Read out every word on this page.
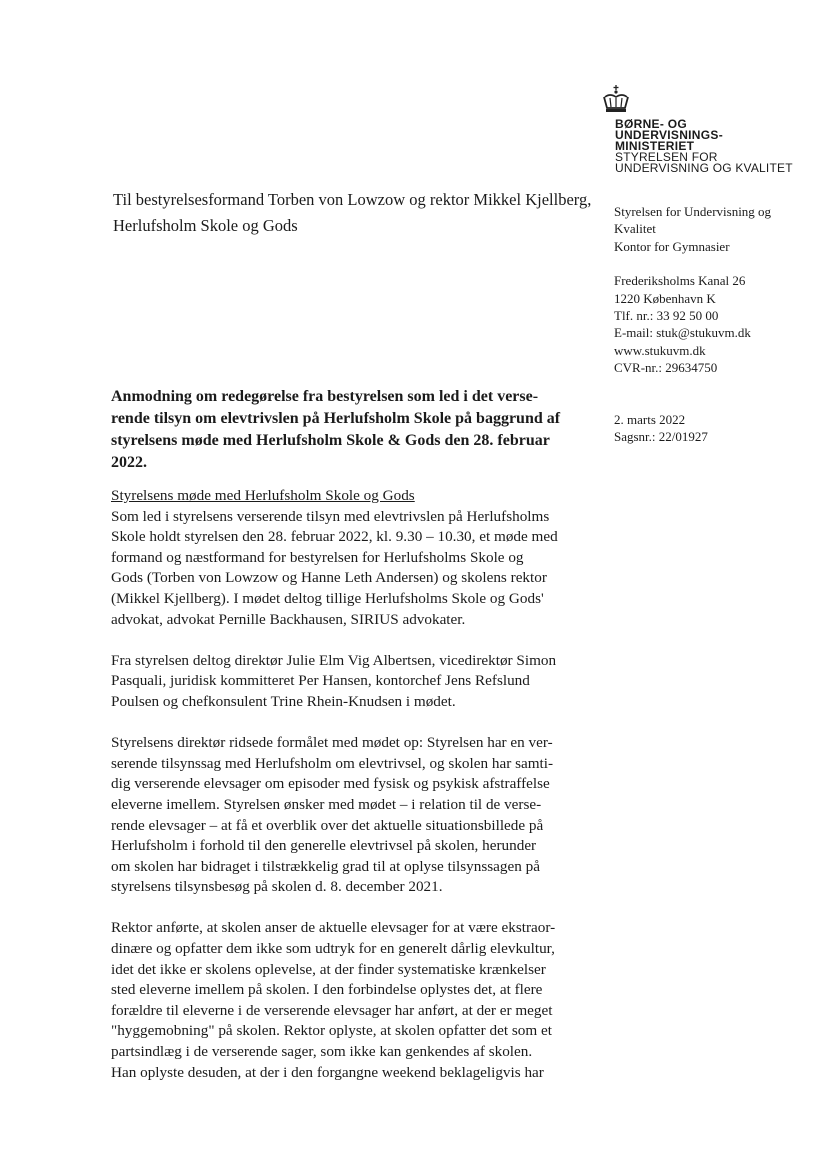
BØRNE- OG
UNDERVISNINGS-
MINISTERIET
STYRELSEN FOR
UNDERVISNING OG KVALITET
Til bestyrelsesformand Torben von Lowzow og rektor Mikkel Kjellberg,
Herlufsholm Skole og Gods
Styrelsen for Undervisning og
Kvalitet
Kontor for Gymnasier
Frederiksholms Kanal 26
1220 København K
Tlf. nr.: 33 92 50 00
E-mail: stuk@stukuvm.dk
www.stukuvm.dk
CVR-nr.: 29634750
2. marts 2022
Sagsnr.: 22/01927
Anmodning om redegørelse fra bestyrelsen som led i det verse-
rende tilsyn om elevtrivslen på Herlufsholm Skole på baggrund af
styrelsens møde med Herlufsholm Skole & Gods den 28. februar
2022.

Styrelsens møde med Herlufsholm Skole og Gods
Som led i styrelsens verserende tilsyn med elevtrivslen på Herlufsholms
Skole holdt styrelsen den 28. februar 2022, kl. 9.30 – 10.30, et møde med
formand og næstformand for bestyrelsen for Herlufsholms Skole og
Gods (Torben von Lowzow og Hanne Leth Andersen) og skolens rektor
(Mikkel Kjellberg). I mødet deltog tillige Herlufsholms Skole og Gods'
advokat, advokat Pernille Backhausen, SIRIUS advokater.

Fra styrelsen deltog direktør Julie Elm Vig Albertsen, vicedirektør Simon
Pasquali, juridisk kommitteret Per Hansen, kontorchef Jens Refslund
Poulsen og chefkonsulent Trine Rhein-Knudsen i mødet.

Styrelsens direktør ridsede formålet med mødet op: Styrelsen har en ver-
serende tilsynssag med Herlufsholm om elevtrivsel, og skolen har samti-
dig verserende elevsager om episoder med fysisk og psykisk afstraffelse
eleverne imellem. Styrelsen ønsker med mødet – i relation til de verse-
rende elevsager – at få et overblik over det aktuelle situationsbillede på
Herlufsholm i forhold til den generelle elevtrivsel på skolen, herunder
om skolen har bidraget i tilstrækkelig grad til at oplyse tilsynssagen på
styrelsens tilsynsbesøg på skolen d. 8. december 2021.

Rektor anførte, at skolen anser de aktuelle elevsager for at være ekstraor-
dinære og opfatter dem ikke som udtryk for en generelt dårlig elevkultur,
idet det ikke er skolens oplevelse, at der finder systematiske krænkelser
sted eleverne imellem på skolen. I den forbindelse oplystes det, at flere
forældre til eleverne i de verserende elevsager har anført, at der er meget
"hyggemobning" på skolen. Rektor oplyste, at skolen opfatter det som et
partsindlæg i de verserende sager, som ikke kan genkendes af skolen.
Han oplyste desuden, at der i den forgangne weekend beklageligvis har
